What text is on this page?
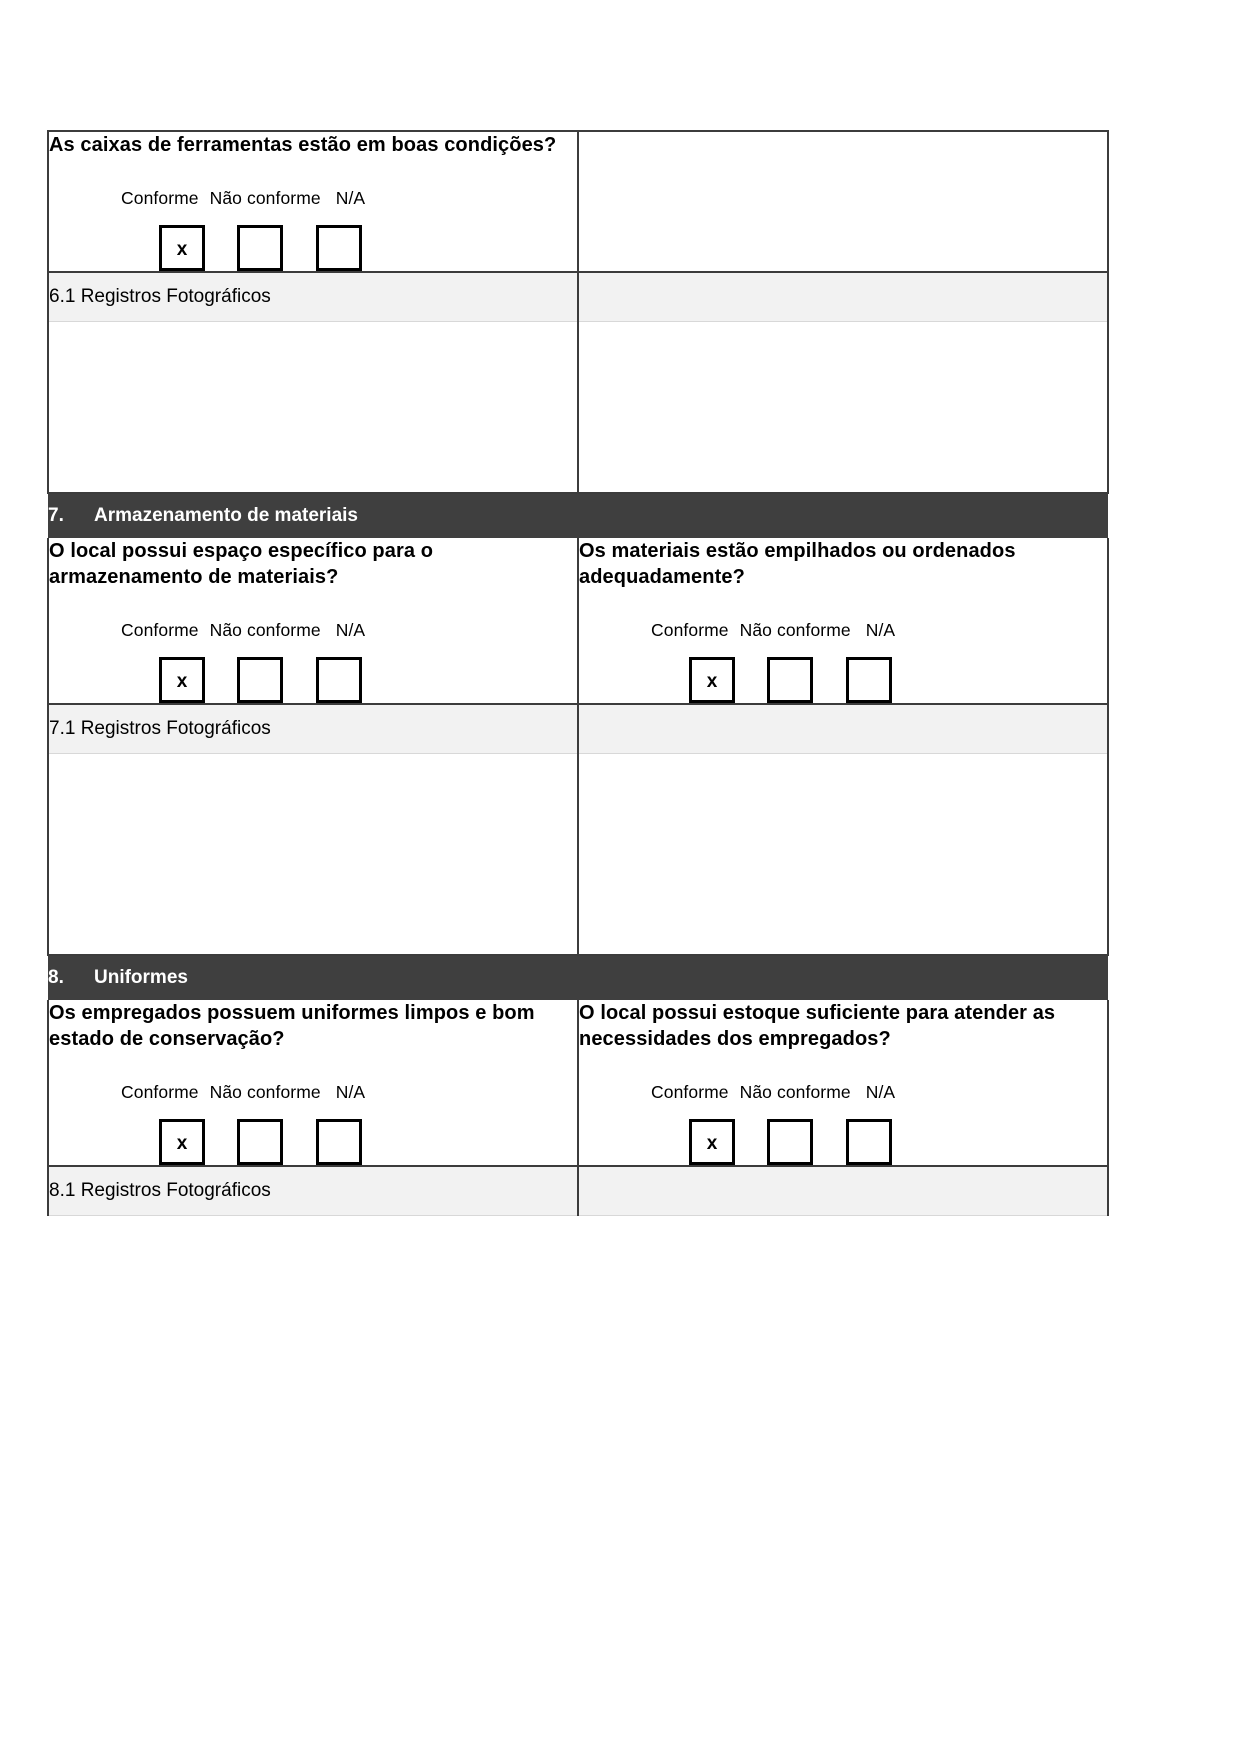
As caixas de ferramentas estão em boas condições?
Conforme Não conforme N/A
x	

6.1 Registros Fotográficos	

7. Armazenamento de materiais	

O local possui espaço específico para o armazenamento de materiais?
Conforme Não conforme N/A
x

Os materiais estão empilhados ou ordenados adequadamente?
Conforme Não conforme N/A
x

7.1 Registros Fotográficos	

8. Uniformes	

Os empregados possuem uniformes limpos e bom estado de conservação?
Conforme Não conforme N/A
x

O local possui estoque suficiente para atender as necessidades dos empregados?
Conforme Não conforme N/A
x

8.1 Registros Fotográficos	
